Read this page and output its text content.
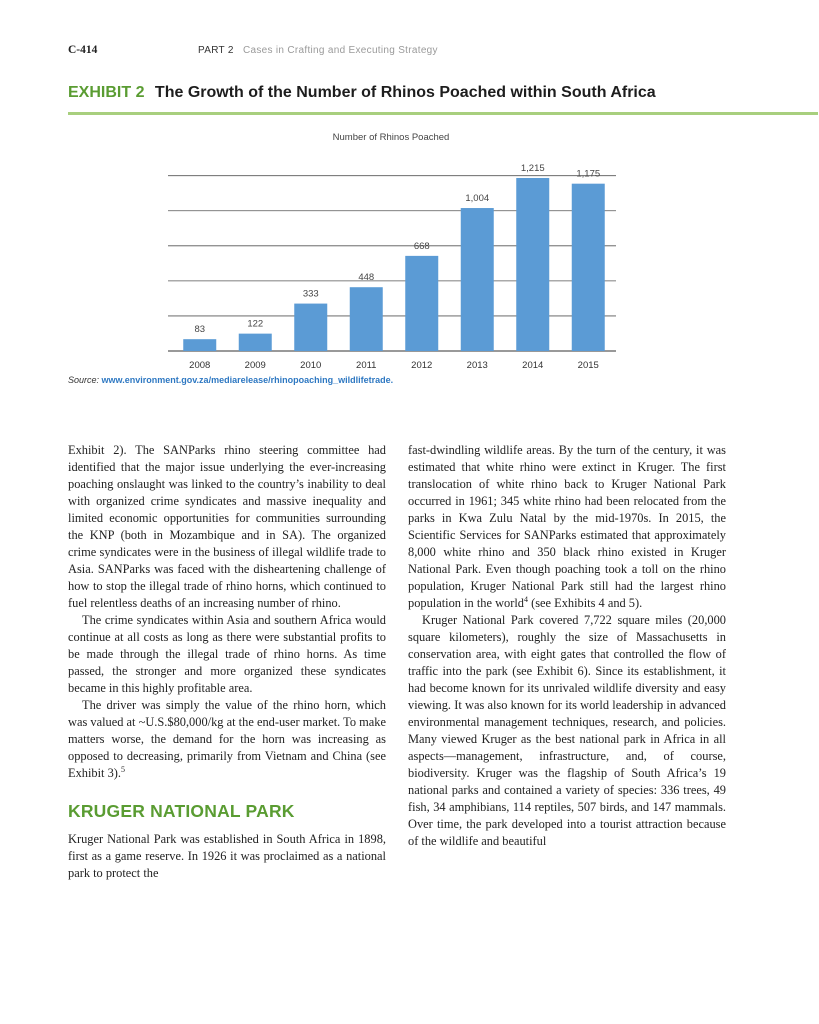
C-414	PART 2 Cases in Crafting and Executing Strategy
EXHIBIT 2 The Growth of the Number of Rhinos Poached within South Africa
Number of Rhinos Poached
83
122
333
448
668
1,004
1,215
1,175
2008	2009	2010	2011	2012	2013	2014	2015
Source: www.environment.gov.za/mediarelease/rhinopoaching_wildlifetrade.

Exhibit 2). The SANParks rhino steering committee had identified that the major issue underlying the ever-increasing poaching onslaught was linked to the country’s inability to deal with organized crime syndicates and massive inequality and limited economic opportunities for communities surrounding the KNP (both in Mozambique and in SA). The organized crime syndicates were in the business of illegal wildlife trade to Asia. SANParks was faced with the disheartening challenge of how to stop the illegal trade of rhino horns, which continued to fuel relentless deaths of an increasing number of rhino.

The crime syndicates within Asia and southern Africa would continue at all costs as long as there were substantial profits to be made through the illegal trade of rhino horns. As time passed, the stronger and more organized these syndicates became in this highly profitable area.

The driver was simply the value of the rhino horn, which was valued at ~U.S.$80,000/kg at the end-user market. To make matters worse, the demand for the horn was increasing as opposed to decreasing, primarily from Vietnam and China (see Exhibit 3).$^5$

KRUGER NATIONAL PARK

Kruger National Park was established in South Africa in 1898, first as a game reserve. In 1926 it was proclaimed as a national park to protect the

fast-dwindling wildlife areas. By the turn of the century, it was estimated that white rhino were extinct in Kruger. The first translocation of white rhino back to Kruger National Park occurred in 1961; 345 white rhino had been relocated from the parks in Kwa Zulu Natal by the mid-1970s. In 2015, the Scientific Services for SANParks estimated that approximately 8,000 white rhino and 350 black rhino existed in Kruger National Park. Even though poaching took a toll on the rhino population, Kruger National Park still had the largest rhino population in the world$^4$ (see Exhibits 4 and 5).

Kruger National Park covered 7,722 square miles (20,000 square kilometers), roughly the size of Massachusetts in conservation area, with eight gates that controlled the flow of traffic into the park (see Exhibit 6). Since its establishment, it had become known for its unrivaled wildlife diversity and easy viewing. It was also known for its world leadership in advanced environmental management techniques, research, and policies. Many viewed Kruger as the best national park in Africa in all aspects—management, infrastructure, and, of course, biodiversity. Kruger was the flagship of South Africa’s 19 national parks and contained a variety of species: 336 trees, 49 fish, 34 amphibians, 114 reptiles, 507 birds, and 147 mammals. Over time, the park developed into a tourist attraction because of the wildlife and beautiful
